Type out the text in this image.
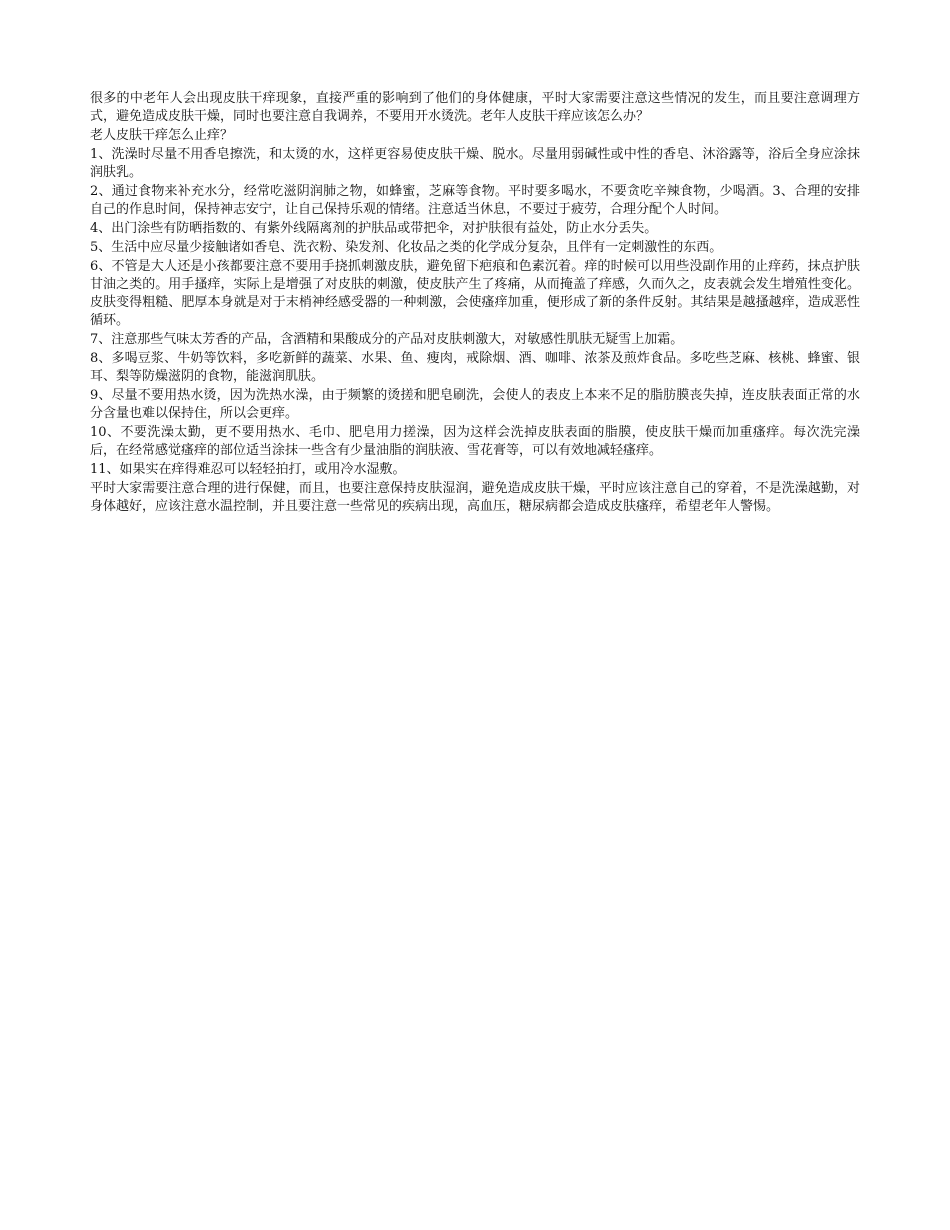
很多的中老年人会出现皮肤干痒现象，直接严重的影响到了他们的身体健康，平时大家需要注意这些情况的发生，而且要注意调理方式，避免造成皮肤干燥，同时也要注意自我调养，不要用开水烫洗。老年人皮肤干痒应该怎么办？

老人皮肤干痒怎么止痒？

1、洗澡时尽量不用香皂擦洗，和太烫的水，这样更容易使皮肤干燥、脱水。尽量用弱碱性或中性的香皂、沐浴露等，浴后全身应涂抹润肤乳。

2、通过食物来补充水分，经常吃滋阴润肺之物，如蜂蜜，芝麻等食物。平时要多喝水，不要贪吃辛辣食物，少喝酒。3、合理的安排自己的作息时间，保持神志安宁，让自己保持乐观的情绪。注意适当休息，不要过于疲劳，合理分配个人时间。

4、出门涂些有防晒指数的、有紫外线隔离剂的护肤品或带把伞，对护肤很有益处，防止水分丢失。

5、生活中应尽量少接触诸如香皂、洗衣粉、染发剂、化妆品之类的化学成分复杂，且伴有一定刺激性的东西。

6、不管是大人还是小孩都要注意不要用手挠抓刺激皮肤，避免留下疤痕和色素沉着。痒的时候可以用些没副作用的止痒药，抹点护肤甘油之类的。用手搔痒，实际上是增强了对皮肤的刺激，使皮肤产生了疼痛，从而掩盖了痒感，久而久之，皮表就会发生增殖性变化。皮肤变得粗糙、肥厚本身就是对于末梢神经感受器的一种刺激，会使瘙痒加重，便形成了新的条件反射。其结果是越搔越痒，造成恶性循环。

7、注意那些气味太芳香的产品，含酒精和果酸成分的产品对皮肤刺激大，对敏感性肌肤无疑雪上加霜。

8、多喝豆浆、牛奶等饮料，多吃新鲜的蔬菜、水果、鱼、瘦肉，戒除烟、酒、咖啡、浓茶及煎炸食品。多吃些芝麻、核桃、蜂蜜、银耳、梨等防燥滋阴的食物，能滋润肌肤。

9、尽量不要用热水烫，因为洗热水澡，由于频繁的烫搓和肥皂刷洗，会使人的表皮上本来不足的脂肪膜丧失掉，连皮肤表面正常的水分含量也难以保持住，所以会更痒。

10、不要洗澡太勤，更不要用热水、毛巾、肥皂用力搓澡，因为这样会洗掉皮肤表面的脂膜，使皮肤干燥而加重瘙痒。每次洗完澡后，在经常感觉瘙痒的部位适当涂抹一些含有少量油脂的润肤液、雪花膏等，可以有效地减轻瘙痒。

11、如果实在痒得难忍可以轻轻拍打，或用冷水湿敷。

平时大家需要注意合理的进行保健，而且，也要注意保持皮肤湿润，避免造成皮肤干燥，平时应该注意自己的穿着，不是洗澡越勤，对身体越好，应该注意水温控制，并且要注意一些常见的疾病出现，高血压，糖尿病都会造成皮肤瘙痒，希望老年人警惕。
